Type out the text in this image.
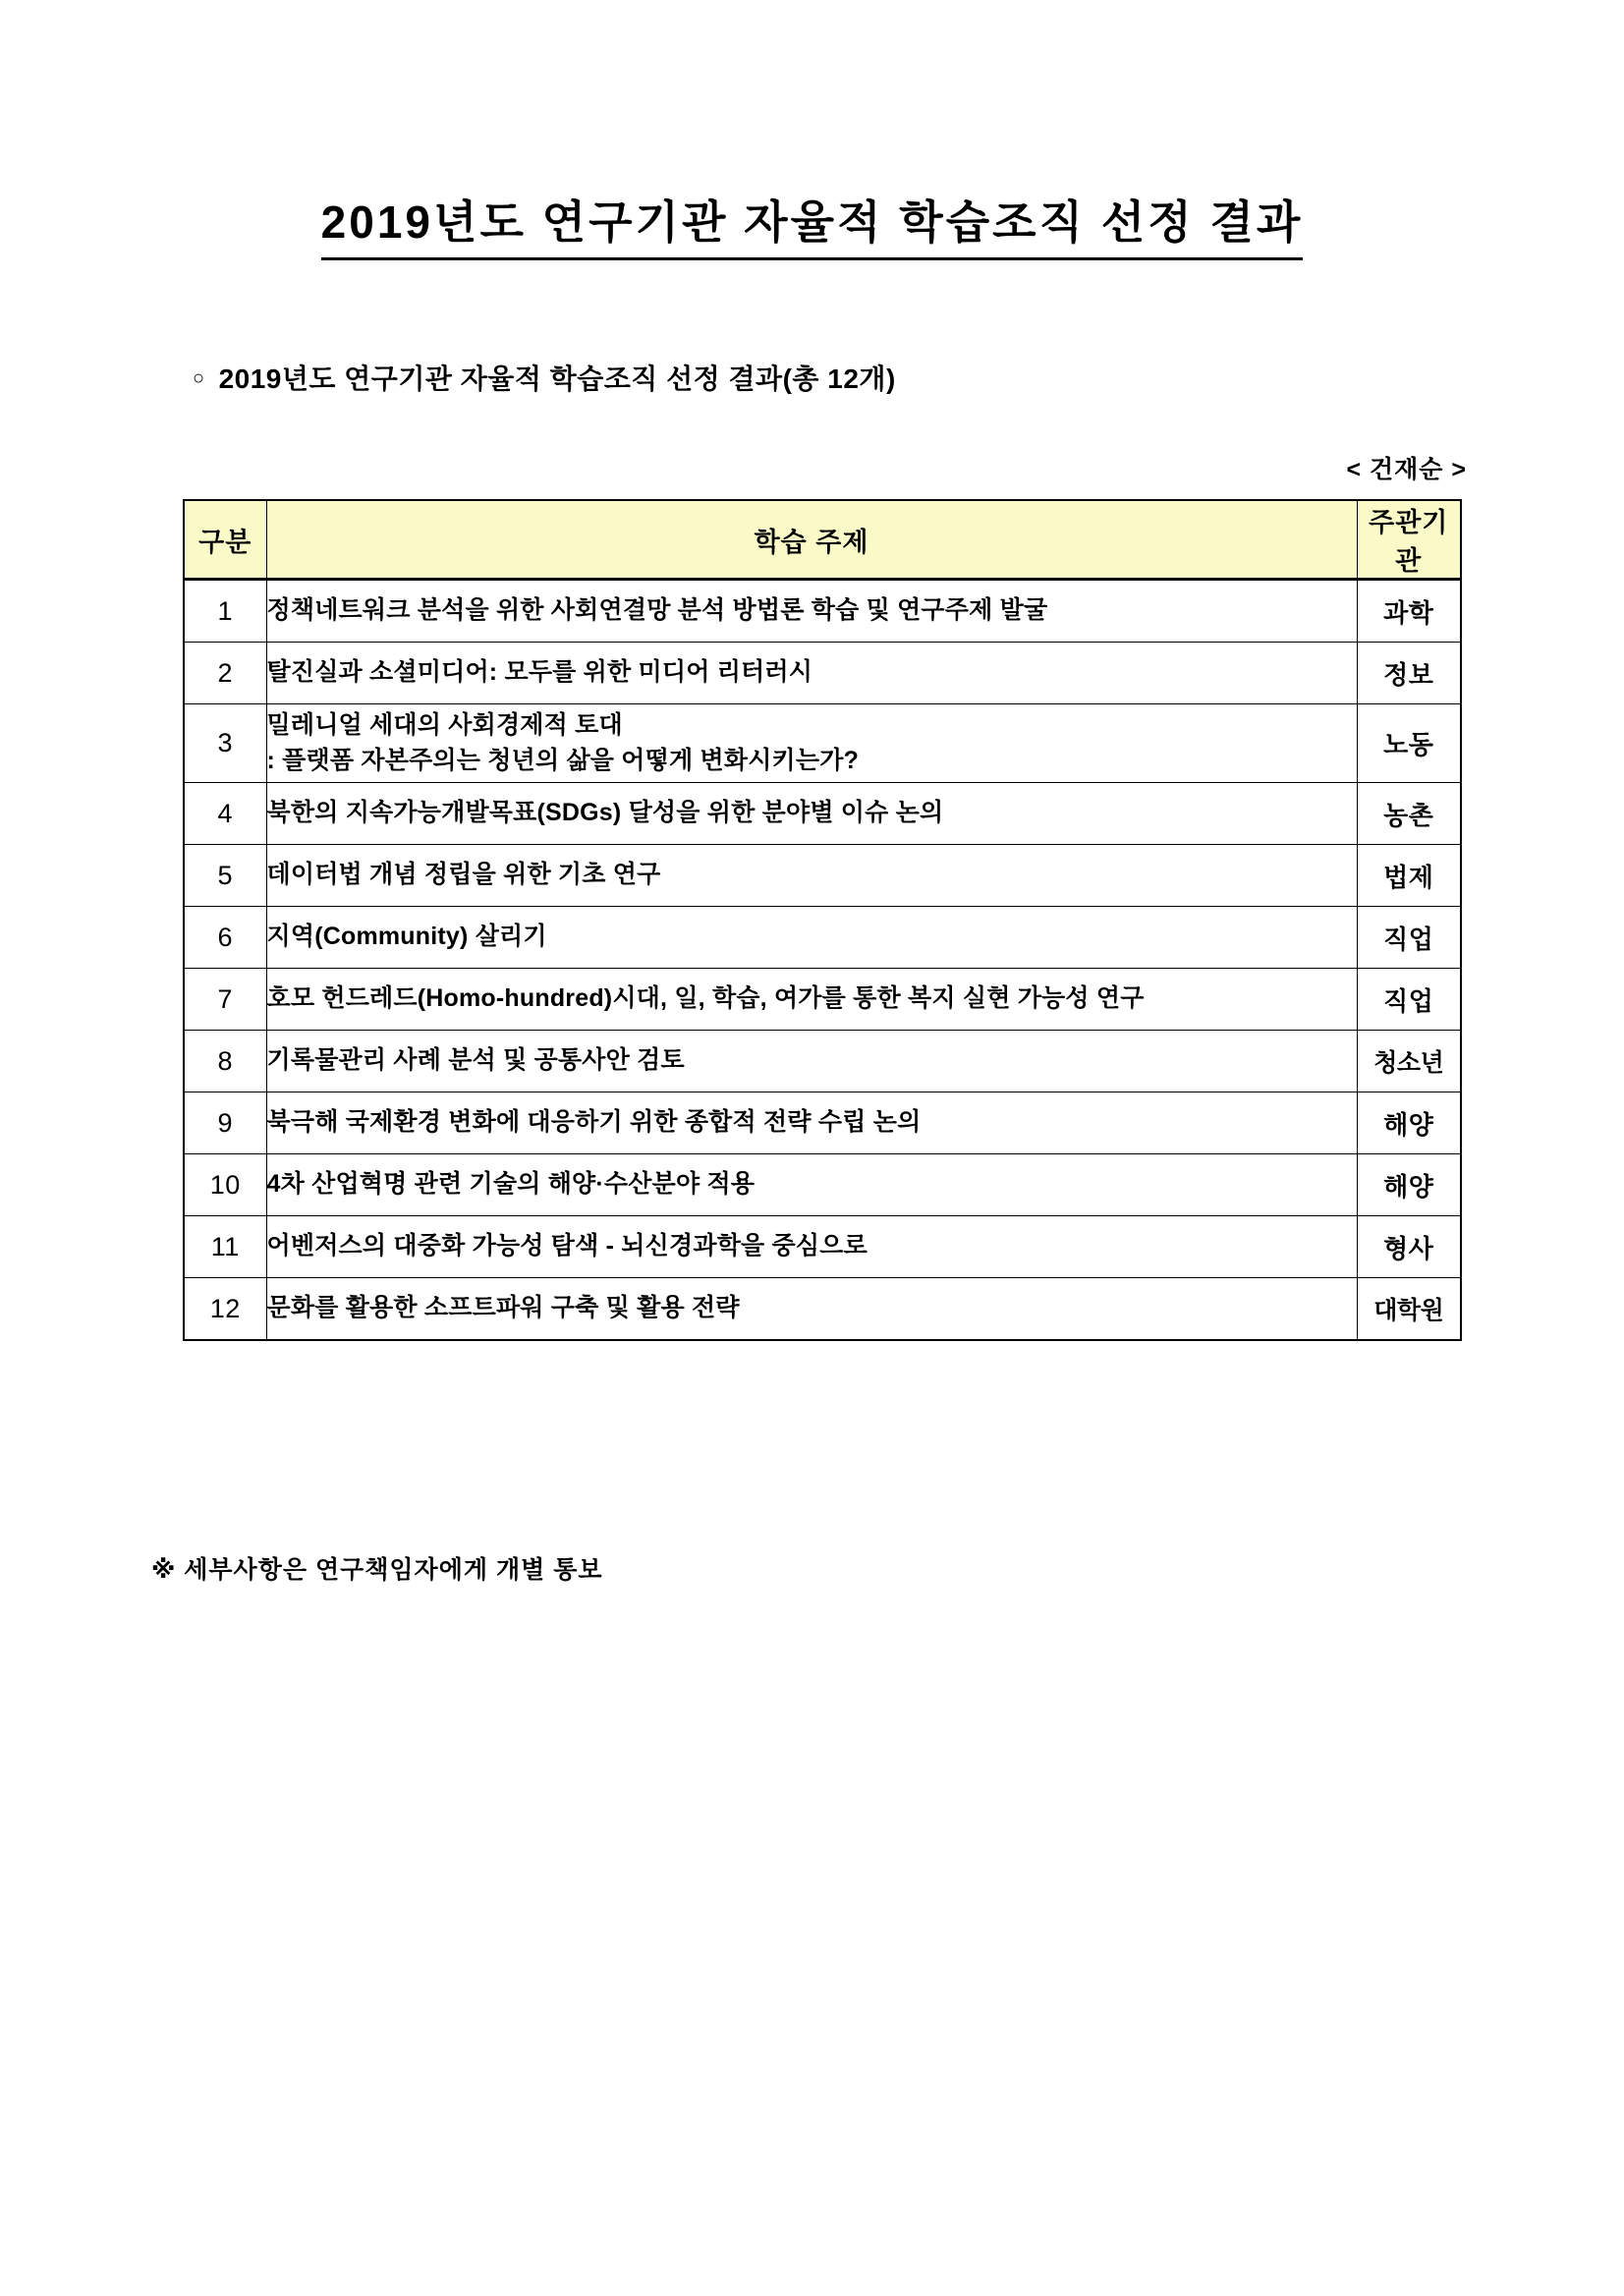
2019년도 연구기관 자율적 학습조직 선정 결과
○ 2019년도 연구기관 자율적 학습조직 선정 결과(총 12개)
< 건재순 >
구분	학습 주제	주관기관
1	정책네트워크 분석을 위한 사회연결망 분석 방법론 학습 및 연구주제 발굴	과학
2	탈진실과 소셜미디어: 모두를 위한 미디어 리터러시	정보
3	밀레니얼 세대의 사회경제적 토대
: 플랫폼 자본주의는 청년의 삶을 어떻게 변화시키는가?	노동
4	북한의 지속가능개발목표(SDGs) 달성을 위한 분야별 이슈 논의	농촌
5	데이터법 개념 정립을 위한 기초 연구	법제
6	지역(Community) 살리기	직업
7	호모 헌드레드(Homo-hundred)시대, 일, 학습, 여가를 통한 복지 실현 가능성 연구	직업
8	기록물관리 사례 분석 및 공통사안 검토	청소년
9	북극해 국제환경 변화에 대응하기 위한 종합적 전략 수립 논의	해양
10	4차 산업혁명 관련 기술의 해양·수산분야 적용	해양
11	어벤저스의 대중화 가능성 탐색 - 뇌신경과학을 중심으로	형사
12	문화를 활용한 소프트파워 구축 및 활용 전략	대학원
※ 세부사항은 연구책임자에게 개별 통보
